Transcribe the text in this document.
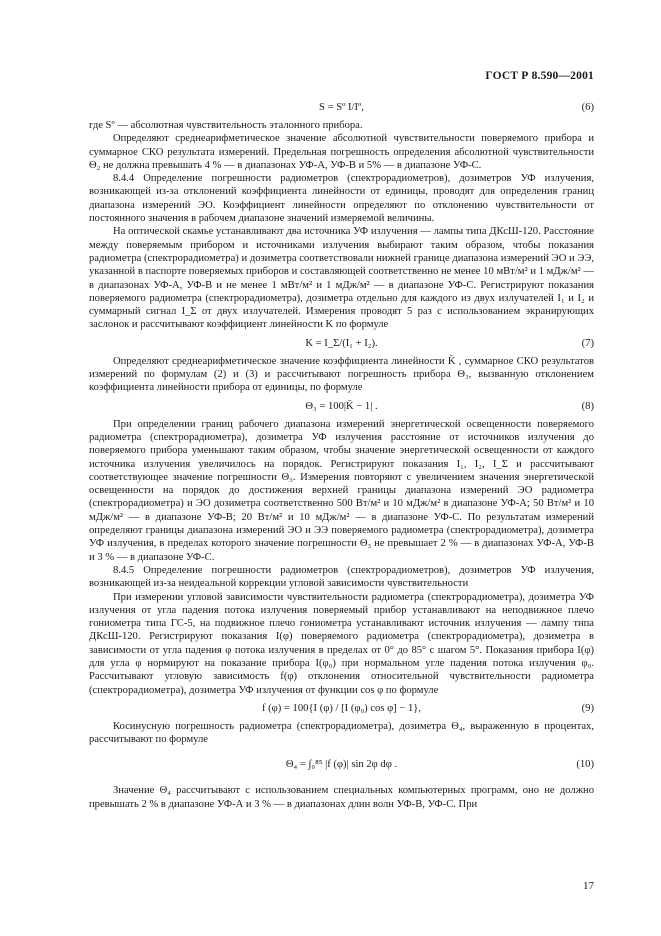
ГОСТ Р 8.590—2001
S = Sº I/Iº,	(6)

где Sº — абсолютная чувствительность эталонного прибора.

Определяют среднеарифметическое значение абсолютной чувствительности поверяемого прибора и суммарное СКО результата измерений. Предельная погрешность определения абсолютной чувствительности Θ₂ не должна превышать 4 % — в диапазонах УФ-А, УФ-В и 5% — в диапазоне УФ-С.

8.4.4 Определение погрешности радиометров (спектрорадиометров), дозиметров УФ излучения, возникающей из-за отклонений коэффициента линейности от единицы, проводят для определения границ диапазона измерений ЭО. Коэффициент линейности определяют по отклонению чувствительности от постоянного значения в рабочем диапазоне значений измеряемой величины.

На оптической скамье устанавливают два источника УФ излучения — лампы типа ДКсШ-120. Расстояние между поверяемым прибором и источниками излучения выбирают таким образом, чтобы показания радиометра (спектрорадиометра) и дозиметра соответствовали нижней границе диапазона измерений ЭО и ЭЭ, указанной в паспорте поверяемых приборов и составляющей соответственно не менее 10 мВт/м² и 1 мДж/м² — в диапазонах УФ-А, УФ-В и не менее 1 мВт/м² и 1 мДж/м² — в диапазоне УФ-С. Регистрируют показания поверяемого радиометра (спектрорадиометра), дозиметра отдельно для каждого из двух излучателей I₁ и I₂ и суммарный сигнал I_Σ от двух излучателей. Измерения проводят 5 раз с использованием экранирующих заслонок и рассчитывают коэффициент линейности K по формуле

K = I_Σ/(I₁ + I₂).	(7)

Определяют среднеарифметическое значение коэффициента линейности K̄ , суммарное СКО результатов измерений по формулам (2) и (3) и рассчитывают погрешность прибора Θ₃, вызванную отклонением коэффициента линейности прибора от единицы, по формуле

Θ₃ = 100|K̄ − 1| .	(8)

При определении границ рабочего диапазона измерений энергетической освещенности поверяемого радиометра (спектрорадиометра), дозиметра УФ излучения расстояние от источников излучения до поверяемого прибора уменьшают таким образом, чтобы значение энергетической освещенности от каждого источника излучения увеличилось на порядок. Регистрируют показания I₁, I₂, I_Σ и рассчитывают соответствующее значение погрешности Θ₃. Измерения повторяют с увеличением значения энергетической освещенности на порядок до достижения верхней границы диапазона измерений ЭО радиометра (спектрорадиометра) и ЭО дозиметра соответственно 500 Вт/м² и 10 мДж/м² в диапазоне УФ-А; 50 Вт/м² и 10 мДж/м² — в диапазоне УФ-В; 20 Вт/м² и 10 мДж/м² — в диапазоне УФ-С. По результатам измерений определяют границы диапазона измерений ЭО и ЭЭ поверяемого радиометра (спектрорадиометра), дозиметра УФ излучения, в пределах которого значение погрешности Θ₃ не превышает 2 % — в диапазонах УФ-А, УФ-В и 3 % — в диапазоне УФ-С.

8.4.5 Определение погрешности радиометров (спектрорадиометров), дозиметров УФ излучения, возникающей из-за неидеальной коррекции угловой зависимости чувствительности

При измерении угловой зависимости чувствительности радиометра (спектрорадиометра), дозиметра УФ излучения от угла падения потока излучения поверяемый прибор устанавливают на неподвижное плечо гониометра типа ГС-5, на подвижное плечо гониометра устанавливают источник излучения — лампу типа ДКсШ-120. Регистрируют показания I(φ) поверяемого радиометра (спектрорадиометра), дозиметра в зависимости от угла падения φ потока излучения в пределах от 0° до 85° с шагом 5°. Показания прибора I(φ) для угла φ нормируют на показание прибора I(φ₀) при нормальном угле падения потока излучения φ₀. Рассчитывают угловую зависимость f(φ) отклонения относительной чувствительности радиометра (спектрорадиометра), дозиметра УФ излучения от функции cos φ по формуле

f (φ) = 100{I (φ) / [I (φ₀) cos φ] − 1},	(9)

Косинусную погрешность радиометра (спектрорадиометра), дозиметра Θ₄, выраженную в процентах, рассчитывают по формуле

Θ₄ = ∫₀⁸⁵ |f (φ)| sin 2φ dφ .	(10)

Значение Θ₄ рассчитывают с использованием специальных компьютерных программ, оно не должно превышать 2 % в диапазоне УФ-А и 3 % — в диапазонах длин волн УФ-В, УФ-С. При

17
